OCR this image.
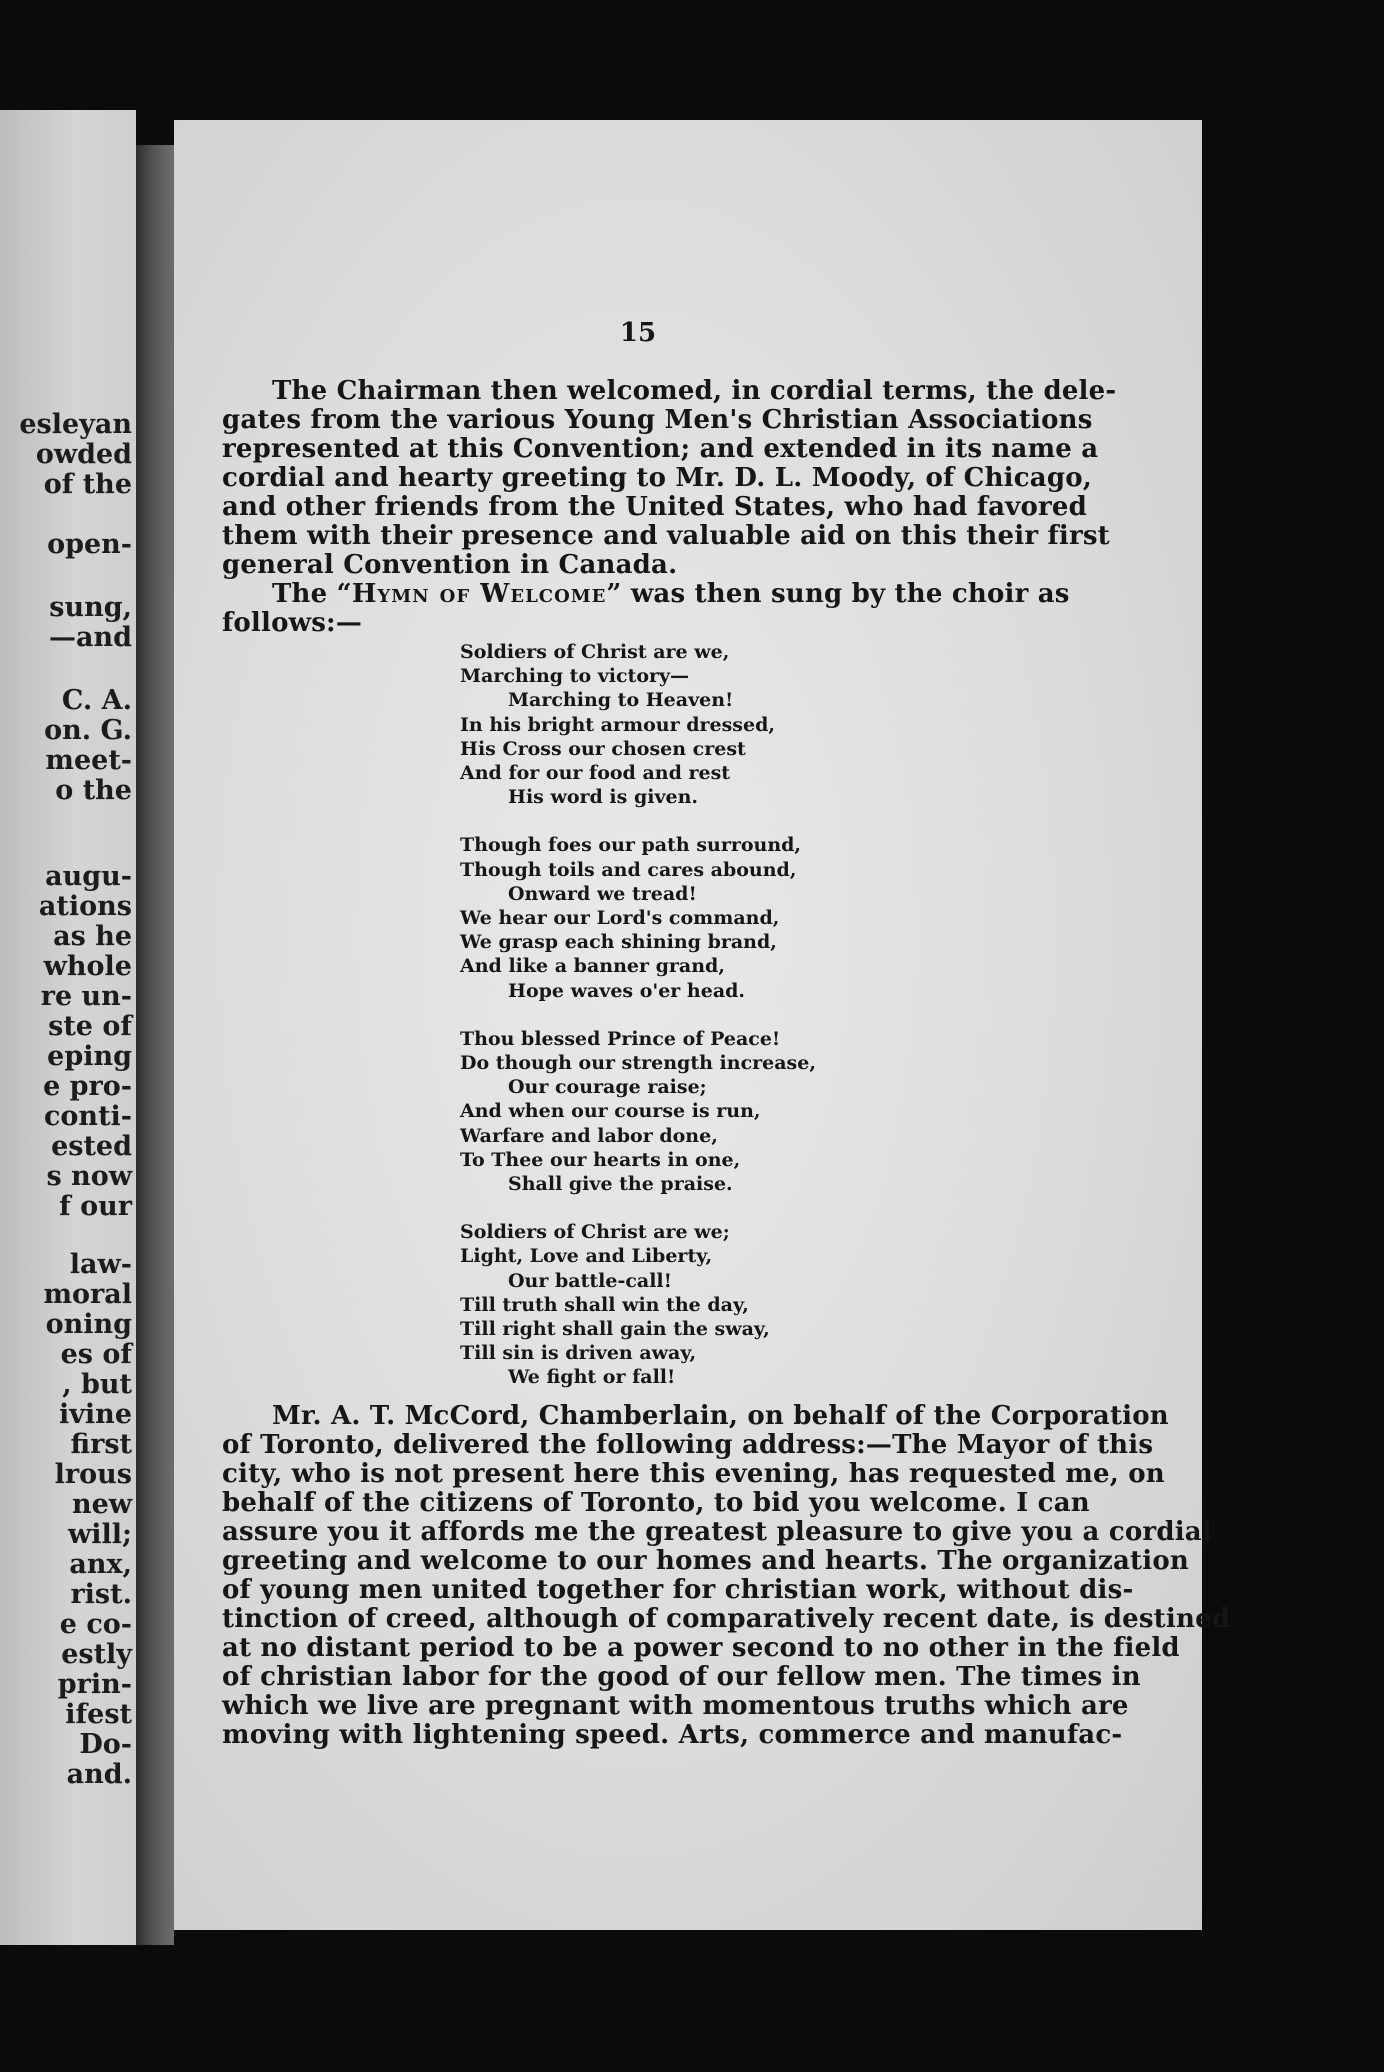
esleyan
owded
of the
open-
sung,
—and
C. A.
on. G.
meet-
o the
augu-
ations
as he
whole
re un-
ste of
eping
e pro-
conti-
ested
s now
f our
law-
moral
oning
es of
, but
ivine
first
lrous
new
will;
anx,
rist.
e co-
estly
prin-
ifest
Do-
and.
15
The Chairman then welcomed, in cordial terms, the dele-
gates from the various Young Men's Christian Associations
represented at this Convention; and extended in its name a
cordial and hearty greeting to Mr. D. L. Moody, of Chicago,
and other friends from the United States, who had favored
them with their presence and valuable aid on this their first
general Convention in Canada.
The “Hymn of Welcome” was then sung by the choir as
follows:—
Soldiers of Christ are we,
Marching to victory—
Marching to Heaven!
In his bright armour dressed,
His Cross our chosen crest
And for our food and rest
His word is given.
Though foes our path surround,
Though toils and cares abound,
Onward we tread!
We hear our Lord's command,
We grasp each shining brand,
And like a banner grand,
Hope waves o'er head.
Thou blessed Prince of Peace!
Do though our strength increase,
Our courage raise;
And when our course is run,
Warfare and labor done,
To Thee our hearts in one,
Shall give the praise.
Soldiers of Christ are we;
Light, Love and Liberty,
Our battle-call!
Till truth shall win the day,
Till right shall gain the sway,
Till sin is driven away,
We fight or fall!
Mr. A. T. McCord, Chamberlain, on behalf of the Corporation
of Toronto, delivered the following address:—The Mayor of this
city, who is not present here this evening, has requested me, on
behalf of the citizens of Toronto, to bid you welcome. I can
assure you it affords me the greatest pleasure to give you a cordial
greeting and welcome to our homes and hearts. The organization
of young men united together for christian work, without dis-
tinction of creed, although of comparatively recent date, is destined
at no distant period to be a power second to no other in the field
of christian labor for the good of our fellow men. The times in
which we live are pregnant with momentous truths which are
moving with lightening speed. Arts, commerce and manufac-
